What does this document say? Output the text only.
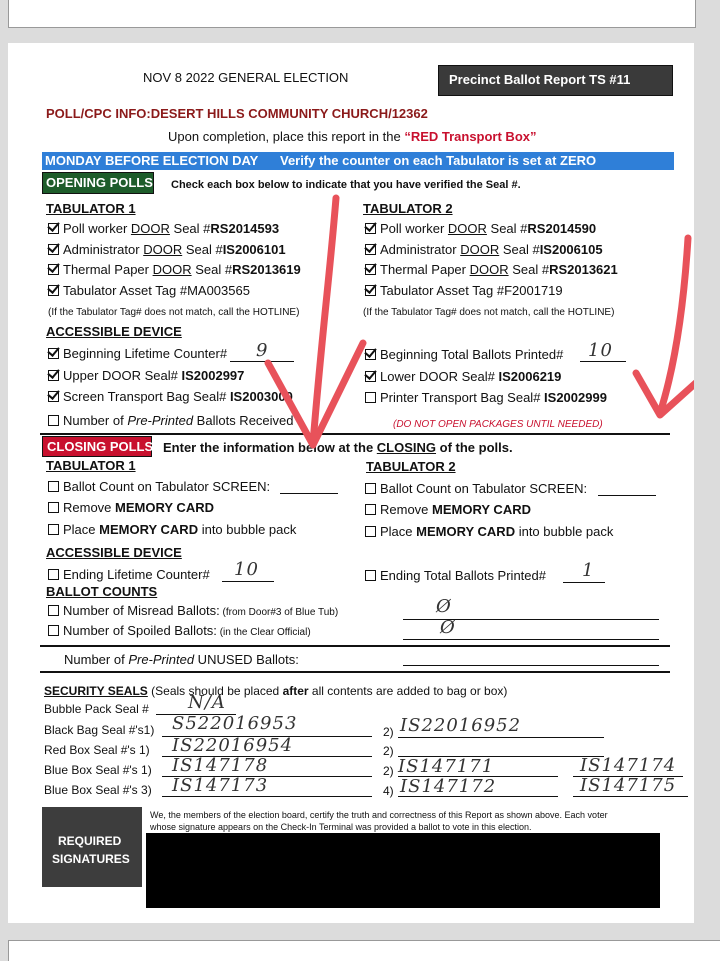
NOV 8 2022 GENERAL ELECTION	Precinct Ballot Report TS #11
POLL/CPC INFO:DESERT HILLS COMMUNITY CHURCH/12362
Upon completion, place this report in the “RED Transport Box”
MONDAY BEFORE ELECTION DAY Verify the counter on each Tabulator is set at ZERO
OPENING POLLS Check each box below to indicate that you have verified the Seal #.
TABULATOR 1	TABULATOR 2
Poll worker DOOR Seal #RS2014593
Administrator DOOR Seal #IS2006101
Thermal Paper DOOR Seal #RS2013619
Tabulator Asset Tag #MA003565
(If the Tabulator Tag# does not match, call the HOTLINE)
Poll worker DOOR Seal #RS2014590
Administrator DOOR Seal #IS2006105
Thermal Paper DOOR Seal #RS2013621
Tabulator Asset Tag #F2001719
(If the Tabulator Tag# does not match, call the HOTLINE)
ACCESSIBLE DEVICE
Beginning Lifetime Counter# 9
Upper DOOR Seal# IS2002997
Screen Transport Bag Seal# IS2003000
Number of Pre-Printed Ballots Received
Beginning Total Ballots Printed# 10
Lower DOOR Seal# IS2006219
Printer Transport Bag Seal# IS2002999
(DO NOT OPEN PACKAGES UNTIL NEEDED)
CLOSING POLLS Enter the information below at the CLOSING of the polls.
TABULATOR 1	TABULATOR 2
Ballot Count on Tabulator SCREEN:
Remove MEMORY CARD
Place MEMORY CARD into bubble pack
Ballot Count on Tabulator SCREEN:
Remove MEMORY CARD
Place MEMORY CARD into bubble pack
ACCESSIBLE DEVICE
Ending Lifetime Counter# 10	Ending Total Ballots Printed# 1
BALLOT COUNTS
Number of Misread Ballots: (from Door#3 of Blue Tub)	Ø
Number of Spoiled Ballots: (in the Clear Official)	Ø
Number of Pre-Printed UNUSED Ballots:
SECURITY SEALS (Seals should be placed after all contents are added to bag or box)
Bubble Pack Seal # N/A
Black Bag Seal #'s1) S522016953	2) IS22016952
Red Box Seal #'s 1) IS22016954	2)
Blue Box Seal #'s 1) IS147178	2) IS147171	IS147174
Blue Box Seal #'s 3) IS147173	4) IS147172	IS147175
REQUIRED
SIGNATURES
We, the members of the election board, certify the truth and correctness of this Report as shown above. Each voter
whose signature appears on the Check-In Terminal was provided a ballot to vote in this election.
